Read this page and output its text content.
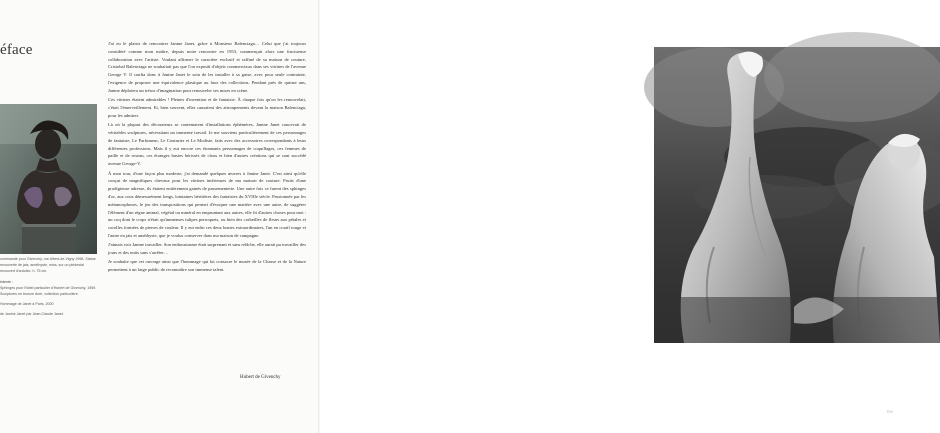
éface

commandé pour Givenchy, rue Alfred-de-Vigny 1958. Statue recouverte de jais, améthyste, mica, sur un piédestal recouvert d'ardoise. h. 75 cm.

édente :

Sphinges pour l'hôtel particulier d'Hubert de Givenchy, 1959. Sculptures en bronze doré, collection particulière.

Hommage de Janet à Paris, 2000

de Janine Janet par Jean-Claude Janet.

J'ai eu le plaisir de rencontrer Janine Janet, grâce à Monsieur Balenciaga… Celui que j'ai toujours considéré comme mon maître, depuis notre rencontre en 1953, commençait alors une fructueuse collaboration avec l'artiste. Voulant affirmer le caractère exclusif et raffiné de sa maison de couture, Cristobal Balenciaga ne souhaitait pas que l'on exposât d'objets commerciaux dans ses vitrines de l'avenue George V. Il confia donc à Janine Janet le soin de les installer à sa guise, avec pour seule contrainte, l'exigence de proposer une équivalence plastique au luxe des collections. Pendant près de quinze ans, Janine déploiera un trésor d'imagination pour renouveler ses mises en scène.

Ces vitrines étaient admirables ! Pleines d'invention et de fantaisie. À chaque fois qu'on les renouvelait, c'était l'émerveillement. Et, bien souvent, elles causaient des attroupements devant la maison Balenciaga, pour les admirer.

Là où la plupart des décorateurs se contentaient d'installations éphémères, Janine Janet concevait de véritables sculptures, nécessitant un immense travail. Je me souviens particulièrement de ces personnages de fantaisie, Le Parfumeur, Le Couturier et Le Modiste, faits avec des accessoires correspondants à leurs différentes professions. Mais il y eut encore ces étonnants personnages de coquillages, ces femmes de paille et de roseau, ces étranges bustes hérissés de clous et bien d'autres créations qui se sont succédé avenue George-V.

À mon tour, d'une façon plus modeste, j'ai demandé quelques œuvres à Janine Janet. C'est ainsi qu'elle conçut de magnifiques chevaux pour les vitrines intérieures de ma maison de couture. Fruits d'une prodigieuse adresse, ils étaient entièrement gainés de passementerie. Une autre fois ce furent des sphinges d'or, aux cous démesurément longs, lointaines héritières des fantaisies du XVIIIe siècle. Passionnée par les métamorphoses, le jeu des transpositions qui permet d'évoquer une matière avec une autre, de suggérer l'élément d'un règne animal, végétal ou minéral en empruntant aux autres, elle fit d'autres choses pour moi : un coq dont le corps n'était qu'immenses tulipes perroquets, ou bien des corbeilles de fleurs aux pétales et corolles formées de pierres de couleur. Il y eut enfin ces deux bustes extraordinaires, l'un en corail rouge et l'autre en jais et améthyste, que je voulus conserver dans ma maison de campagne.

J'aimais voir Janine travailler. Son enthousiasme était surprenant et sans relâche, elle aurait pu travailler des jours et des nuits sans s'arrêter…

Je souhaite que cet ouvrage ainsi que l'hommage qui lui consacre le musée de la Chasse et de la Nature permettent à un large public de reconnaître son immense talent.

Hubert de Givenchy
Ĕĕĕ
